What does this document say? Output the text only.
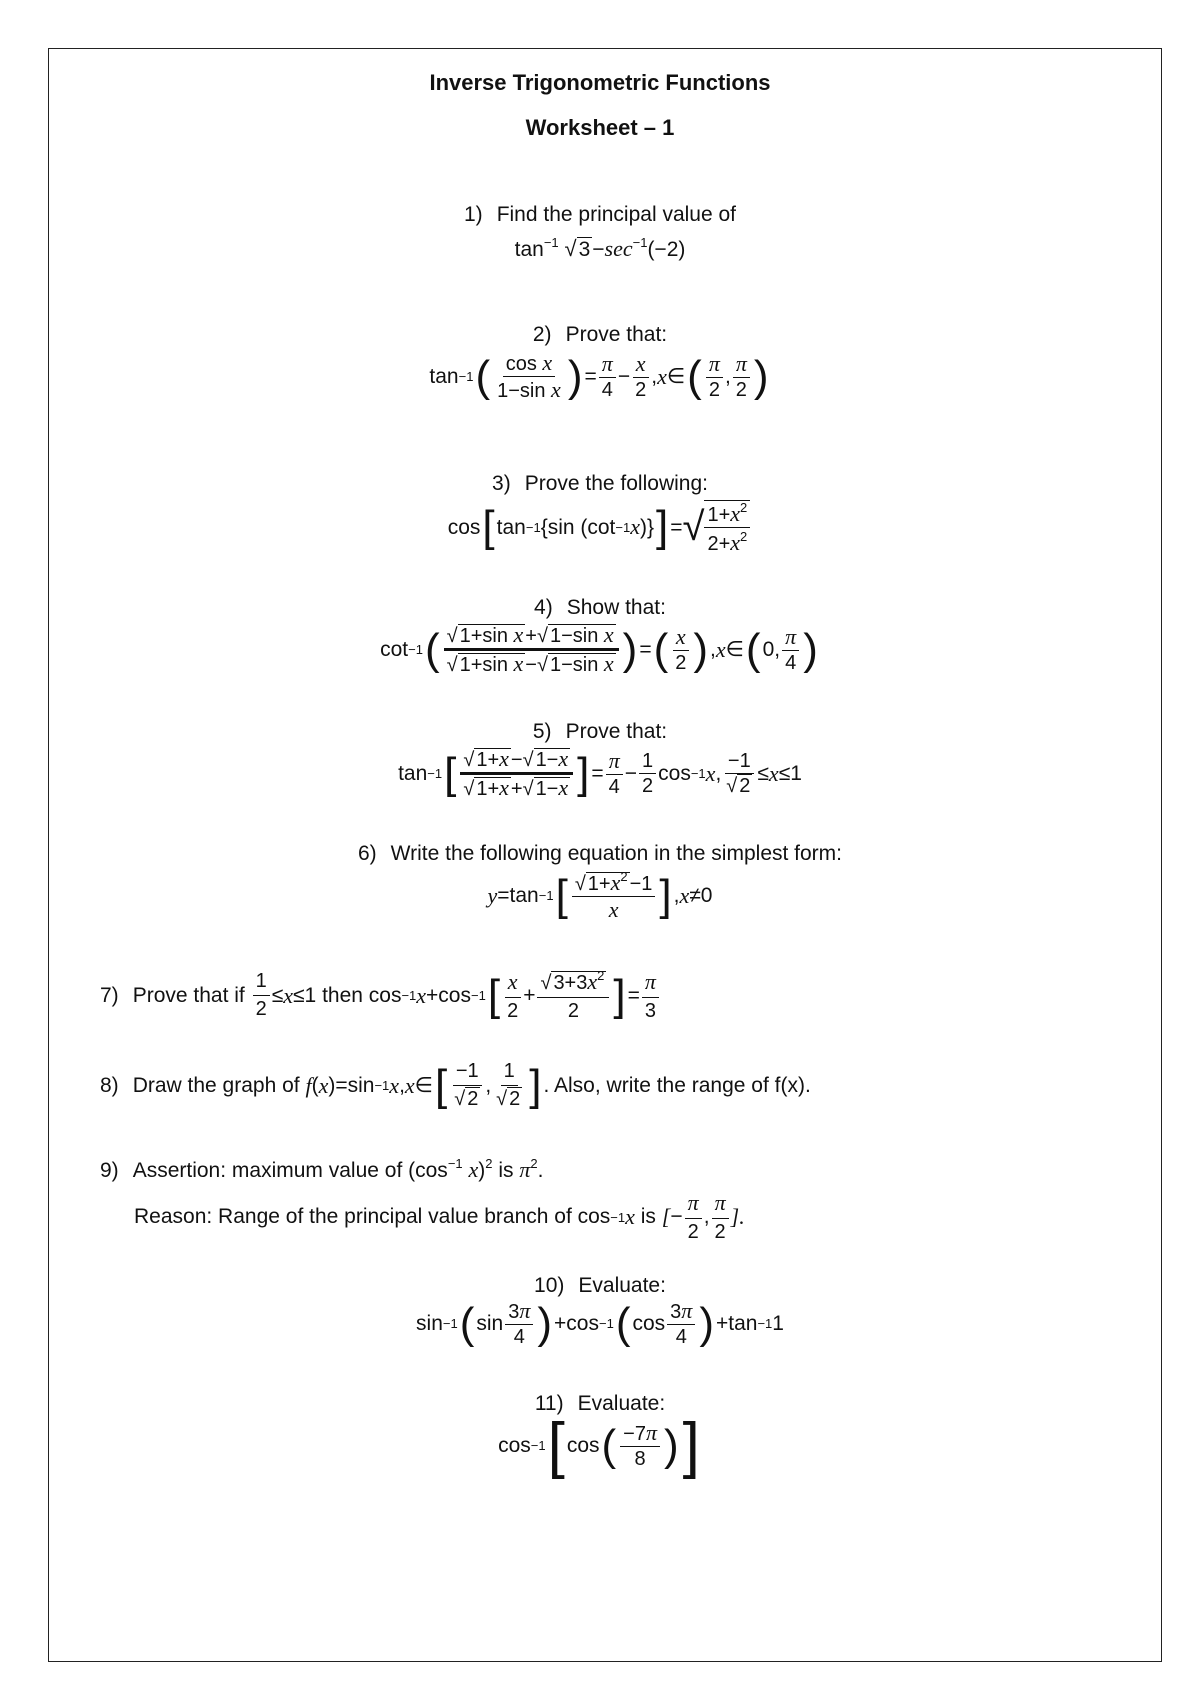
Inverse Trigonometric Functions
Worksheet – 1
1) Find the principal value of
$\tan^{-1} √3-\sec^{-1}(-2)$
2) Prove that:
tan −1 ( $\frac{\text{cos x}}{\text{1−sin x}}$ ) = $\frac{\pi}{4} - \frac{x}{2}$ , x ∈ ( $\frac{\pi}{2}$ , $\frac{\pi}{2}$ )
3) Prove the following:
cos [ tan −1 {sin (cot −1 x )} ] = √ $\frac{1+x^2}{2+x^2}$
4) Show that:
cot −1 ( $\frac{\text{√ 1+sin x +√ 1−sin x}}{\text{√ 1+sin x −√ 1−sin x}}$ ) = ( $\frac{x}{2}$ ) , x ∈ ( 0, $\frac{\pi}{4}$ )
5) Prove that:
tan −1 [ $\frac{√ 1+x -√ 1-x}{√ 1+x +√ 1-x}$ ] = $\frac{\pi}{4} - \frac{1}{2}$ cos −1 x , $\frac{-1}{√ 2} \le x \le 1$
6) Write the following equation in the simplest form:
y =tan −1 [ $\frac{√ 1+x^2 -1}{x}$ ] , x ≠0
7) Prove that if
$\frac{1}{2} \le x \le 1$ then cos −1 x +cos −1 [ $\frac{x}{2} + \frac{√ 3+3x^2}{2}$ ] = $\frac{\pi}{3}$
8) Draw the graph of
f ( x )=sin −1 x , x ∈ [ $\frac{-1}{√ 2}$ , $\frac{1}{√ 2}$ ] . Also, write the range of f(x).
9) Assertion: maximum value of ($\cos^{-1}$ x)$^2$ is $\pi^2$.
Reason: Range of the principal value branch of cos −1 x
is
[ − $\frac{\pi}{2}$ , $\frac{\pi}{2}$ ].
10) Evaluate:
sin −1 ( $\sin \frac{3\pi}{4}$ ) +cos −1 ( $\cos \frac{3\pi}{4}$ ) +tan −1 1
11) Evaluate:
cos −1 [ cos ( $\frac{-7\pi}{8}$ ) ]
